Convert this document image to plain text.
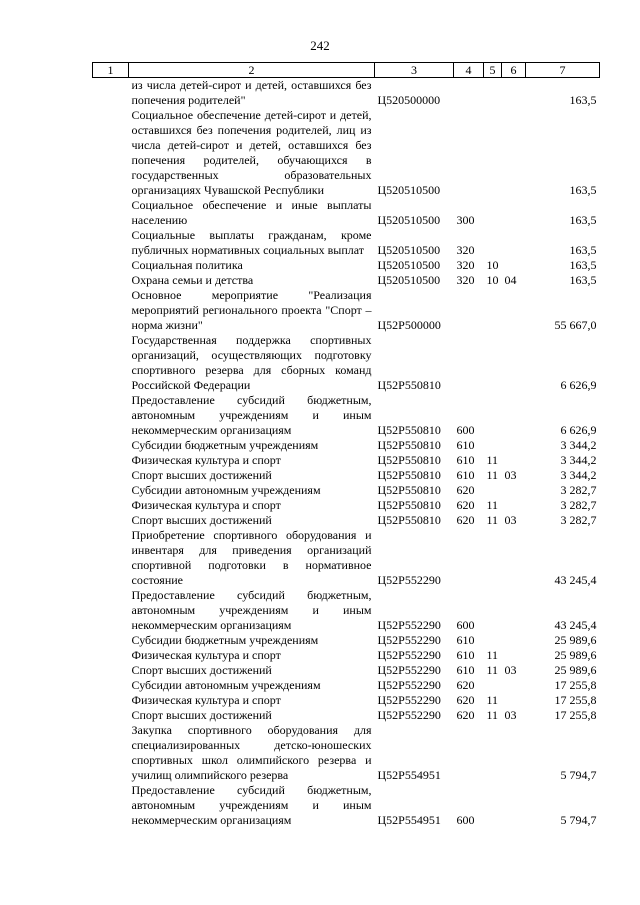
242
1	2	3	4	5	6	7
	из числа детей-сирот и детей, оставшихся без попечения родителей"	Ц520500000				163,5
	Социальное обеспечение детей-сирот и детей, оставшихся без попечения родителей, лиц из числа детей-сирот и детей, оставшихся без попечения родителей, обучающихся в государственных образовательных организациях Чувашской Республики	Ц520510500				163,5
	Социальное обеспечение и иные выплаты населению	Ц520510500	300			163,5
	Социальные выплаты гражданам, кроме публичных нормативных социальных выплат	Ц520510500	320			163,5
	Социальная политика	Ц520510500	320	10		163,5
	Охрана семьи и детства	Ц520510500	320	10	04	163,5
	Основное мероприятие "Реализация мероприятий регионального проекта "Спорт – норма жизни"	Ц52P500000				55 667,0
	Государственная поддержка спортивных организаций, осуществляющих подготовку спортивного резерва для сборных команд Российской Федерации	Ц52P550810				6 626,9
	Предоставление субсидий бюджетным, автономным учреждениям и иным некоммерческим организациям	Ц52P550810	600			6 626,9
	Субсидии бюджетным учреждениям	Ц52P550810	610			3 344,2
	Физическая культура и спорт	Ц52P550810	610	11		3 344,2
	Спорт высших достижений	Ц52P550810	610	11	03	3 344,2
	Субсидии автономным учреждениям	Ц52P550810	620			3 282,7
	Физическая культура и спорт	Ц52P550810	620	11		3 282,7
	Спорт высших достижений	Ц52P550810	620	11	03	3 282,7
	Приобретение спортивного оборудования и инвентаря для приведения организаций спортивной подготовки в нормативное состояние	Ц52P552290				43 245,4
	Предоставление субсидий бюджетным, автономным учреждениям и иным некоммерческим организациям	Ц52P552290	600			43 245,4
	Субсидии бюджетным учреждениям	Ц52P552290	610			25 989,6
	Физическая культура и спорт	Ц52P552290	610	11		25 989,6
	Спорт высших достижений	Ц52P552290	610	11	03	25 989,6
	Субсидии автономным учреждениям	Ц52P552290	620			17 255,8
	Физическая культура и спорт	Ц52P552290	620	11		17 255,8
	Спорт высших достижений	Ц52P552290	620	11	03	17 255,8
	Закупка спортивного оборудования для специализированных детско-юношеских спортивных школ олимпийского резерва и училищ олимпийского резерва	Ц52P554951				5 794,7
	Предоставление субсидий бюджетным, автономным учреждениям и иным некоммерческим организациям	Ц52P554951	600			5 794,7
